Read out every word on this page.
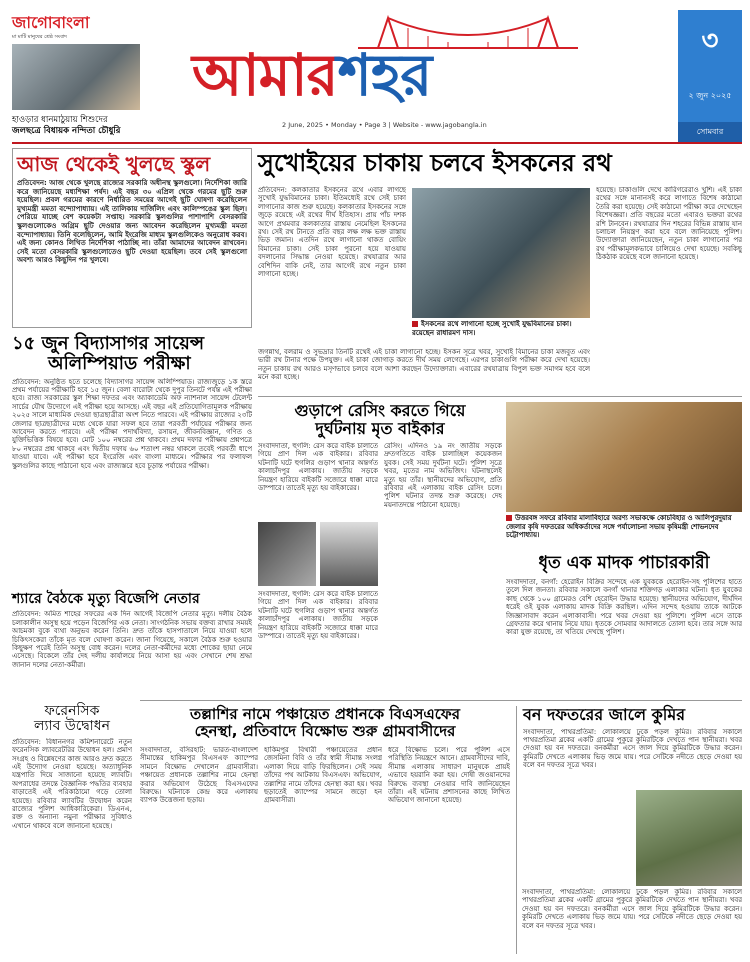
জাগোবাংলা
মা মাটি মানুষের শ্রেষ্ঠ সংবাদ
হাওড়ার ধানমাঠুয়ায় শিশুদের
জলছত্রে বিধায়ক নন্দিতা চৌধুরি
আমারশহর
2 June, 2025 • Monday • Page 3 | Website - www.jagobangla.in
৩
২ জুন ২০২৫
সোমবার
আজ থেকেই খুলছে স্কুল

প্রতিবেদন: আজ থেকে খুলছে রাজ্যের সরকারি অধীনস্থ স্কুলগুলো। নির্দেশিকা জারি করে জানিয়েছে মধ্যশিক্ষা পর্ষদ। এই বছর ৩০ এপ্রিল থেকে গরমের ছুটি শুরু হয়েছিল। প্রবল গরমের কারণে নির্ধারিত সময়ের আগেই ছুটি ঘোষণা করেছিলেন মুখ্যমন্ত্রী মমতা বন্দ্যোপাধ্যায়। এই তালিকায় দার্জিলিং এবং কালিম্পঙের স্কুল ছিল। পেরিয়ে যাচ্ছে বেশ কয়েকটা সপ্তাহ। সরকারি স্কুলগুলির পাশাপাশি বেসরকারি স্কুলগুলোকেও অগ্রিম ছুটি দেওয়ার জন্য আবেদন করেছিলেন মুখ্যমন্ত্রী মমতা বন্দ্যোপাধ্যায়। তিনি বলেছিলেন, আমি ইংরেজি মাধ্যম স্কুলগুলিকেও অনুরোধ করব। এই জন্য কোনও লিখিত নির্দেশিকা পাঠাচ্ছি না। তাঁরা আমাদের আবেদন রাখবেন। সেই মতো বেসরকারি স্কুলগুলোতেও ছুটি দেওয়া হয়েছিল। তবে সেই স্কুলগুলো অবশ্য আরও কিছুদিন পর খুলবে।

১৫ জুন বিদ্যাসাগর সায়েন্স
অলিম্পিয়াড পরীক্ষা

প্রতিবেদন: অনুষ্ঠিত হতে চলেছে বিদ্যাসাগর সায়েন্স অলিম্পিয়াড। রাজ্যজুড়ে ১ক স্তরে প্রথম পর্যায়ের পরীক্ষাটি হবে ১৫ জুন। বেলা বারোটা থেকে দুপুর তিনটে পর্যন্ত এই পরীক্ষা হবে। রাজ্য সরকারের স্কুল শিক্ষা দফতর এবং অ্যাকাডেমি অফ ন্যাশনাল সায়েন্স টেলেন্ট সার্চের যৌথ উদ্যোগে এই পরীক্ষা হয়ে আসছে। এই বছর এই প্রতিযোগিতামূলক পরীক্ষায় ২০২৫ সালে মাধ্যমিক দেওয়া ছাত্রছাত্রীরা অংশ নিতে পারবে। এই পরীক্ষায় রাজ্যের ২৩টি জেলার ছাত্রছাত্রীদের মধ্যে থেকে যারা সফল হবে তারা পরবর্তী পর্যায়ের পরীক্ষার জন্য আবেদন করতে পারবে। এই পরীক্ষা পদার্থবিদ্যা, রসায়ন, জীবনবিজ্ঞান, গণিত ও যুক্তিভিত্তিক বিষয়ে হবে। মোট ১০০ নম্বরের প্রশ্ন থাকবে। প্রথম দফার পরীক্ষায় প্রশ্নপত্রে ৮০ নম্বরের প্রশ্ন থাকবে এবং দ্বিতীয় দফায় ৬০ শতাংশ নম্বর থাকলে তবেই পরবর্তী ধাপে যাওয়া যাবে। এই পরীক্ষা হবে ইংরেজি এবং বাংলা মাধ্যমে। পরীক্ষার পর ফলাফল স্কুলগুলির কাছে পাঠানো হবে এবং রাজ্যস্তরে হবে চূড়ান্ত পর্যায়ের পরীক্ষা।

শ্যারে বৈঠকে মৃত্যু বিজেপি নেতার

প্রতিবেদন: অমিত শাহের সফরের এক দিন আগেই বিজেপি নেতার মৃত্যু। দলীয় বৈঠক চলাকালীন অসুস্থ হয়ে পড়েন বিজেপির এক নেতা। সাংগঠনিক সভায় বক্তব্য রাখার সময়ই আচমকা বুকে ব্যথা অনুভব করেন তিনি। দ্রুত তাঁকে হাসপাতালে নিয়ে যাওয়া হলে চিকিৎসকেরা তাঁকে মৃত বলে ঘোষণা করেন। জানা গিয়েছে, সকালে বৈঠক শুরু হওয়ার কিছুক্ষণ পরেই তিনি অসুস্থ বোধ করেন। দলের নেতা-কর্মীদের মধ্যে শোকের ছায়া নেমে এসেছে। বিকেলে তাঁর দেহ দলীয় কার্যালয়ে নিয়ে আসা হয় এবং সেখানে শেষ শ্রদ্ধা জানান দলের নেতা-কর্মীরা।

ফরেনসিক
ল্যাব উদ্বোধন

প্রতিবেদন: বিধাননগর কমিশনারেটে নতুন ফরেনসিক ল্যাবরেটরির উদ্বোধন হল। প্রমাণ সংগ্রহ ও বিশ্লেষণের কাজ আরও দ্রুত করতে এই উদ্যোগ নেওয়া হয়েছে। অত্যাধুনিক যন্ত্রপাতি দিয়ে সাজানো হয়েছে ল্যাবটি। অপরাধের তদন্তে বৈজ্ঞানিক পদ্ধতির ব্যবহার বাড়াতেই এই পরিকাঠামো গড়ে তোলা হয়েছে। রবিবার ল্যাবটির উদ্বোধন করেন রাজ্যের পুলিশ আধিকারিকেরা। ডিএনএ, রক্ত ও অন্যান্য নমুনা পরীক্ষার সুবিধাও এখানে থাকবে বলে জানানো হয়েছে।

সুখোইয়ের চাকায় চলবে ইসকনের রথ

প্রতিবেদন: কলকাতার ইসকনের রথে এবার লাগছে সুখোই যুদ্ধবিমানের চাকা। ইতিমধ্যেই রথে সেই চাকা লাগানোর কাজ শুরু হয়েছে। কলকাতার ইসকনের সঙ্গে জুড়ে রয়েছে এই রথের দীর্ঘ ইতিহাস। প্রায় পাঁচ দশক আগে প্রথমবার কলকাতার রাস্তায় নেমেছিল ইসকনের রথ। সেই রথ টানতে প্রতি বছর লক্ষ লক্ষ ভক্ত রাস্তায় ভিড় জমান। এতদিন রথে লাগানো থাকত বোয়িং বিমানের চাকা। সেই চাকা পুরনো হয়ে যাওয়ায় বদলানোর সিদ্ধান্ত নেওয়া হয়েছে। রথযাত্রার আর বেশিদিন বাকি নেই, তার আগেই রথে নতুন চাকা লাগানো হচ্ছে।

ইসকনের রথে লাগানো হচ্ছে সুখোই যুদ্ধবিমানের চাকা। রয়েছেন রাধারমণ দাস।

জগন্নাথ, বলরাম ও সুভদ্রার তিনটি রথেই এই চাকা লাগানো হচ্ছে। ইসকন সূত্রে খবর, সুখোই বিমানের চাকা মজবুত এবং ভারী রথ টানার পক্ষে উপযুক্ত। এই চাকা জোগাড় করতে দীর্ঘ সময় লেগেছে। এরপর চাকাগুলি পরীক্ষা করে দেখা হয়েছে। নতুন চাকায় রথ আরও মসৃণভাবে চলবে বলে আশা করছেন উদ্যোক্তারা। এবারের রথযাত্রায় বিপুল ভক্ত সমাগম হবে বলে মনে করা হচ্ছে।

হয়েছে। চাকাগুলি দেখে কারিগরেরাও খুশি। এই চাকা রথের সঙ্গে মানানসই করে লাগাতে বিশেষ কাঠামো তৈরি করা হয়েছে। সেই কাঠামো পরীক্ষা করে দেখেছেন বিশেষজ্ঞরা। প্রতি বছরের মতো এবারও ভক্তরা রথের রশি টানবেন। রথযাত্রার দিন শহরের বিভিন্ন রাস্তায় যান চলাচল নিয়ন্ত্রণ করা হবে বলে জানিয়েছে পুলিশ। উদ্যোক্তারা জানিয়েছেন, নতুন চাকা লাগানোর পর রথ পরীক্ষামূলকভাবে চালিয়েও দেখা হয়েছে। সবকিছু ঠিকঠাক রয়েছে বলে জানানো হয়েছে।

গুড়াপে রেসিং করতে গিয়ে
দুর্ঘটনায় মৃত বাইকার

সংবাদদাতা, হুগলি: রেস করে বাইক চালাতে গিয়ে প্রাণ দিল এক বাইকার। রবিবার ঘটনাটি ঘটে হুগলির গুড়াপ থানার অন্তর্গত কালাচাঁদপুর এলাকায়। জাতীয় সড়কে নিয়ন্ত্রণ হারিয়ে বাইকটি সজোরে ধাক্কা মারে ডাম্পারে। তাতেই মৃত্যু হয় বাইকারের।

সংবাদদাতা, হুগলি: রেস করে বাইক চালাতে গিয়ে প্রাণ দিল এক বাইকার। রবিবার ঘটনাটি ঘটে হুগলির গুড়াপ থানার অন্তর্গত কালাচাঁদপুর এলাকায়। জাতীয় সড়কে নিয়ন্ত্রণ হারিয়ে বাইকটি সজোরে ধাক্কা মারে ডাম্পারে। তাতেই মৃত্যু হয় বাইকারের।

রেসিং। এদিনও ১৯ নং জাতীয় সড়কে দ্রুতগতিতে বাইক চালাচ্ছিল কয়েকজন যুবক। সেই সময় দুর্ঘটনা ঘটে। পুলিশ সূত্রে খবর, মৃতের নাম অভিজিৎ। ঘটনাস্থলেই মৃত্যু হয় তাঁর। স্থানীয়দের অভিযোগ, প্রতি রবিবার এই এলাকায় বাইক রেসিং চলে। পুলিশ ঘটনার তদন্ত শুরু করেছে। দেহ ময়নাতদন্তে পাঠানো হয়েছে।

উত্তরবঙ্গ সফরে রবিবার মালাবিহারে অরণ্য সভাকক্ষে কোচবিহার ও আলিপুরদুয়ার জেলার কৃষি দফতরের অধিকর্তাদের সঙ্গে পর্যালোচনা সভায় কৃষিমন্ত্রী শোভনদেব চট্টোপাধ্যায়।
ধৃত এক মাদক পাচারকারী

সংবাদদাতা, বনগাঁ: হেরোইন বিক্রির সন্দেহে এক যুবককে হেরোইন-সহ পুলিশের হাতে তুলে দিল জনতা। রবিবার সকালে বনগাঁ থানার শক্তিগড় এলাকার ঘটনা। ধৃত যুবকের কাছ থেকে ১০০ গ্রামেরও বেশি হেরোইন উদ্ধার হয়েছে। স্থানীয়দের অভিযোগ, দীর্ঘদিন ধরেই ওই যুবক এলাকায় মাদক বিক্রি করছিল। এদিন সন্দেহ হওয়ায় তাকে আটকে জিজ্ঞাসাবাদ করেন এলাকাবাসী। পরে খবর দেওয়া হয় পুলিশে। পুলিশ এসে তাকে গ্রেফতার করে থানায় নিয়ে যায়। ধৃতকে সোমবার আদালতে তোলা হবে। তার সঙ্গে আর কারা যুক্ত রয়েছে, তা খতিয়ে দেখছে পুলিশ।

তল্লাশির নামে পঞ্চায়েত প্রধানকে বিএসএফের
হেনস্থা, প্রতিবাদে বিক্ষোভ শুরু গ্রামবাসীদের

সংবাদদাতা, বসিরহাট: ভারত-বাংলাদেশ সীমান্তের হাকিমপুর বিএসএফ ক্যাম্পের সামনে বিক্ষোভ দেখালেন গ্রামবাসীরা। পঞ্চায়েত প্রধানকে তল্লাশির নামে হেনস্থা করার অভিযোগ উঠেছে বিএসএফের বিরুদ্ধে। ঘটনাকে কেন্দ্র করে এলাকায় ব্যাপক উত্তেজনা ছড়ায়।

হাকিমপুর বিথারী পঞ্চায়েতের প্রধান জেসমিনা বিবি ও তাঁর স্বামী সীমান্ত সংলগ্ন এলাকা দিয়ে বাড়ি ফিরছিলেন। সেই সময় তাঁদের পথ আটকায় বিএসএফ। অভিযোগ, তল্লাশির নামে তাঁদের হেনস্থা করা হয়। খবর ছড়াতেই ক্যাম্পের সামনে জড়ো হন গ্রামবাসীরা।

ধরে বিক্ষোভ চলে। পরে পুলিশ এসে পরিস্থিতি নিয়ন্ত্রণে আনে। গ্রামবাসীদের দাবি, সীমান্ত এলাকায় সাধারণ মানুষকে প্রায়ই এভাবে হয়রানি করা হয়। দোষী জওয়ানদের বিরুদ্ধে ব্যবস্থা নেওয়ার দাবি জানিয়েছেন তাঁরা। এই ঘটনায় প্রশাসনের কাছে লিখিত অভিযোগ জানানো হয়েছে।

বন দফতরের জালে কুমির

সংবাদদাতা, পাথরপ্রতিমা: লোকালয়ে ঢুকে পড়ল কুমির। রবিবার সকালে পাথরপ্রতিমা ব্লকের একটি গ্রামের পুকুরে কুমিরটিকে দেখতে পান স্থানীয়রা। খবর দেওয়া হয় বন দফতরে। বনকর্মীরা এসে জাল দিয়ে কুমিরটিকে উদ্ধার করেন। কুমিরটি দেখতে এলাকায় ভিড় জমে যায়। পরে সেটিকে নদীতে ছেড়ে দেওয়া হয় বলে বন দফতর সূত্রে খবর।

সংবাদদাতা, পাথরপ্রতিমা: লোকালয়ে ঢুকে পড়ল কুমির। রবিবার সকালে পাথরপ্রতিমা ব্লকের একটি গ্রামের পুকুরে কুমিরটিকে দেখতে পান স্থানীয়রা। খবর দেওয়া হয় বন দফতরে। বনকর্মীরা এসে জাল দিয়ে কুমিরটিকে উদ্ধার করেন। কুমিরটি দেখতে এলাকায় ভিড় জমে যায়। পরে সেটিকে নদীতে ছেড়ে দেওয়া হয় বলে বন দফতর সূত্রে খবর।
